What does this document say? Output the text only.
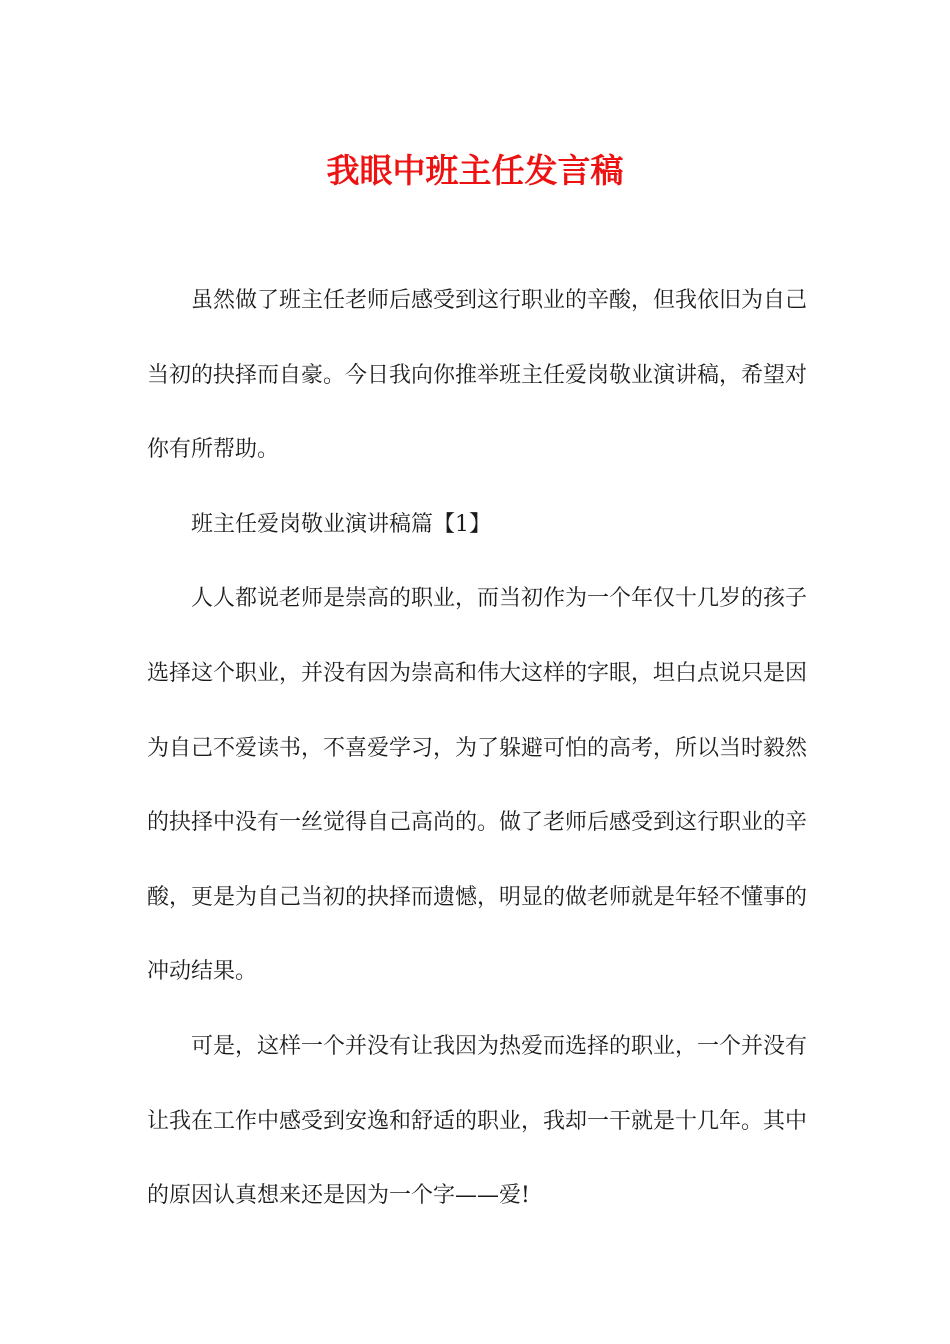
我眼中班主任发言稿

虽然做了班主任老师后感受到这行职业的辛酸，但我依旧为自己当初的抉择而自豪。今日我向你推举班主任爱岗敬业演讲稿，希望对你有所帮助。

班主任爱岗敬业演讲稿篇【1】

人人都说老师是崇高的职业，而当初作为一个年仅十几岁的孩子选择这个职业，并没有因为崇高和伟大这样的字眼，坦白点说只是因为自己不爱读书，不喜爱学习，为了躲避可怕的高考，所以当时毅然的抉择中没有一丝觉得自己高尚的。做了老师后感受到这行职业的辛酸，更是为自己当初的抉择而遗憾，明显的做老师就是年轻不懂事的冲动结果。

可是，这样一个并没有让我因为热爱而选择的职业，一个并没有让我在工作中感受到安逸和舒适的职业，我却一干就是十几年。其中的原因认真想来还是因为一个字——爱!
